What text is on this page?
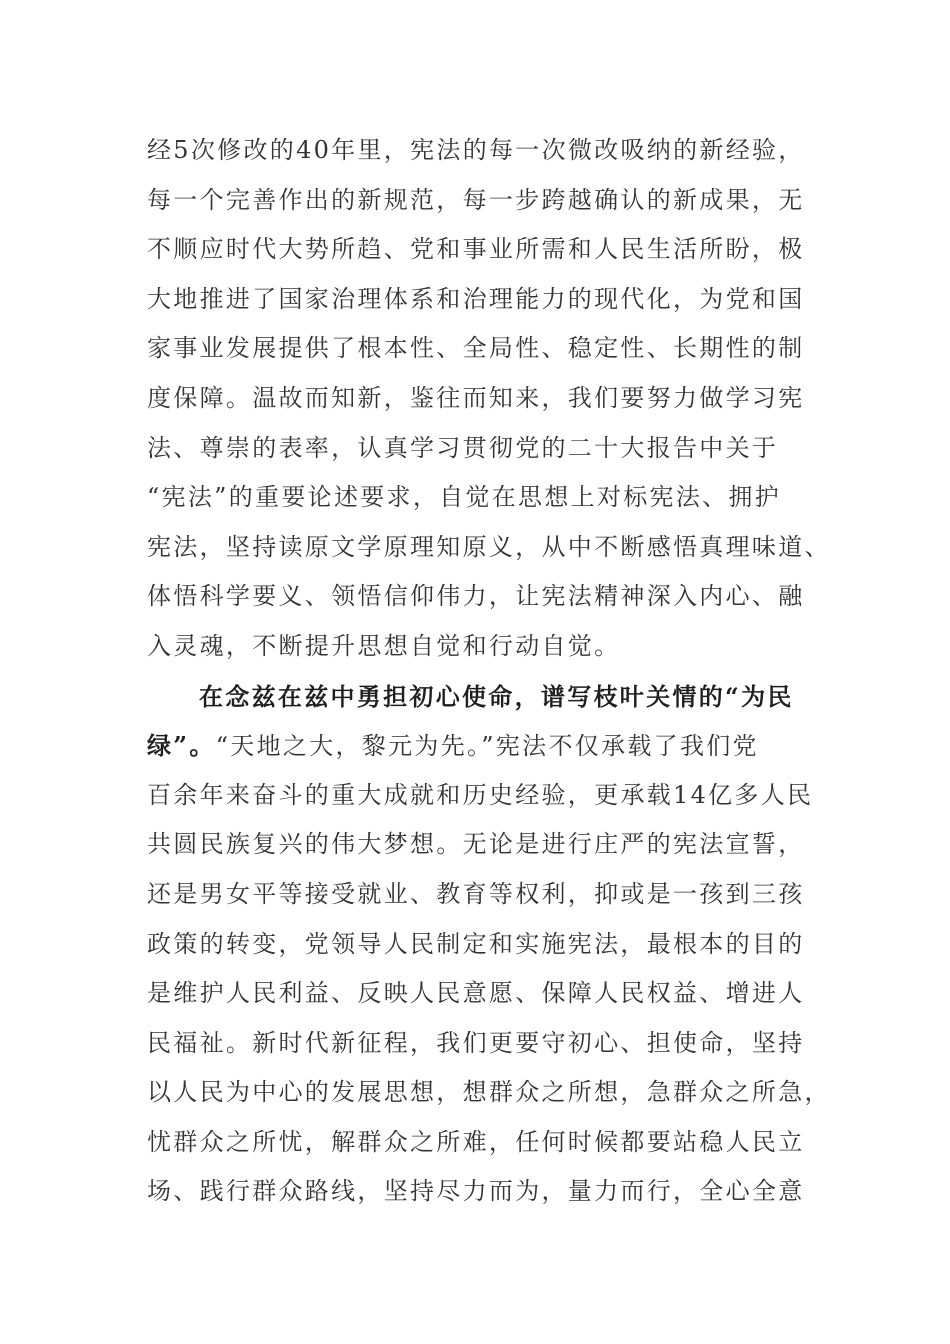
经5次修改的40年里，宪法的每一次微改吸纳的新经验，
每一个完善作出的新规范，每一步跨越确认的新成果，无
不顺应时代大势所趋、党和事业所需和人民生活所盼，极
大地推进了国家治理体系和治理能力的现代化，为党和国
家事业发展提供了根本性、全局性、稳定性、长期性的制
度保障。温故而知新，鉴往而知来，我们要努力做学习宪
法、尊崇的表率，认真学习贯彻党的二十大报告中关于
“宪法”的重要论述要求，自觉在思想上对标宪法、拥护
宪法，坚持读原文学原理知原义，从中不断感悟真理味道、
体悟科学要义、领悟信仰伟力，让宪法精神深入内心、融
入灵魂，不断提升思想自觉和行动自觉。
在念兹在兹中勇担初心使命，谱写枝叶关情的“为民
绿”。“天地之大，黎元为先。”宪法不仅承载了我们党
百余年来奋斗的重大成就和历史经验，更承载14亿多人民
共圆民族复兴的伟大梦想。无论是进行庄严的宪法宣誓，
还是男女平等接受就业、教育等权利，抑或是一孩到三孩
政策的转变，党领导人民制定和实施宪法，最根本的目的
是维护人民利益、反映人民意愿、保障人民权益、增进人
民福祉。新时代新征程，我们更要守初心、担使命，坚持
以人民为中心的发展思想，想群众之所想，急群众之所急，
忧群众之所忧，解群众之所难，任何时候都要站稳人民立
场、践行群众路线，坚持尽力而为，量力而行，全心全意
